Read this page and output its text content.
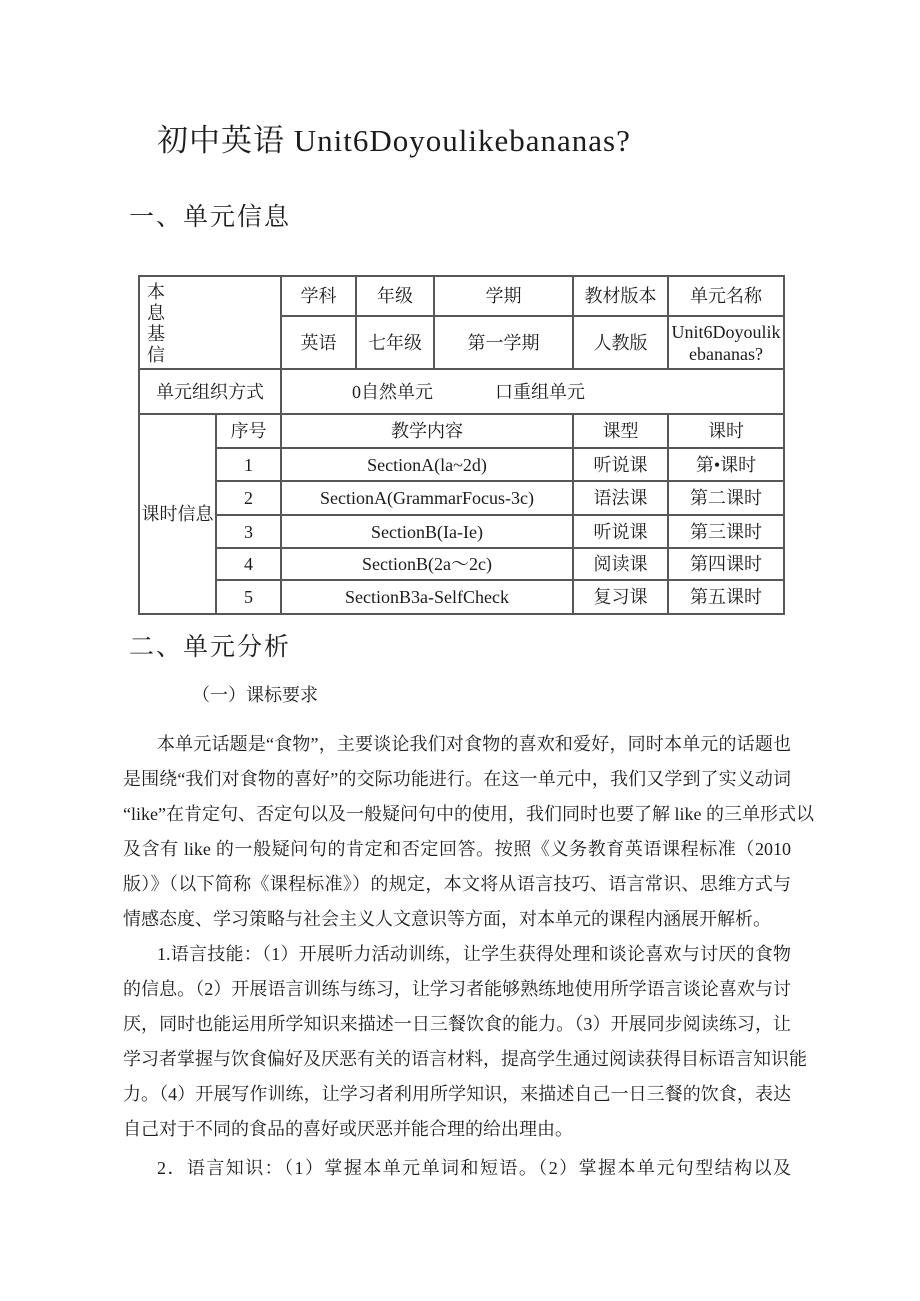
初中英语 Unit6Doyoulikebananas?
一、单元信息
本息基信		学科	年级	学期	教材版本	单元名称
		英语	七年级	第一学期	人教版	Unit6Doyoulikebananas?
单元组织方式		0自然单元 口重组单元				

课时信息	序号	教学内容			课型	课时
	1	SectionA(la~2d)			听说课	第•课时
	2	SectionA(GrammarFocus-3c)			语法课	第二课时
	3	SectionB(Ia-Ie)			听说课	第三课时
	4	SectionB(2a～2c)			阅读课	第四课时
	5	SectionB3a-SelfCheck			复习课	第五课时
二、单元分析
（一）课标要求
本单元话题是“食物”，主要谈论我们对食物的喜欢和爱好，同时本单元的话题也
是围绕“我们对食物的喜好”的交际功能进行。在这一单元中，我们又学到了实义动词
“like”在肯定句、否定句以及一般疑问句中的使用，我们同时也要了解 like 的三单形式以
及含有 like 的一般疑问句的肯定和否定回答。按照《义务教育英语课程标准（2010
版）》（以下简称《课程标准》）的规定，本文将从语言技巧、语言常识、思维方式与
情感态度、学习策略与社会主义人文意识等方面，对本单元的课程内涵展开解析。
1.语言技能：（1）开展听力活动训练，让学生获得处理和谈论喜欢与讨厌的食物
的信息。（2）开展语言训练与练习，让学习者能够熟练地使用所学语言谈论喜欢与讨
厌，同时也能运用所学知识来描述一日三餐饮食的能力。（3）开展同步阅读练习，让
学习者掌握与饮食偏好及厌恶有关的语言材料，提高学生通过阅读获得目标语言知识能
力。（4）开展写作训练，让学习者利用所学知识，来描述自己一日三餐的饮食，表达
自己对于不同的食品的喜好或厌恶并能合理的给出理由。
2．语言知识：（1）掌握本单元单词和短语。（2）掌握本单元句型结构以及
